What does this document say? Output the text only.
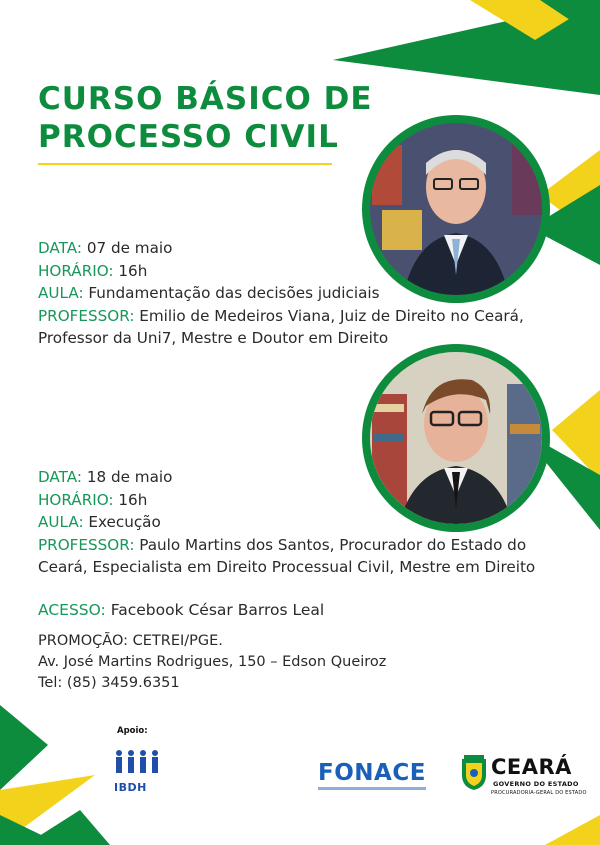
CURSO BÁSICO DE
PROCESSO CIVIL
DATA: 07 de maio
HORÁRIO: 16h
AULA: Fundamentação das decisões judiciais
PROFESSOR: Emilio de Medeiros Viana, Juiz de Direito no Ceará,
Professor da Uni7, Mestre e Doutor em Direito
DATA: 18 de maio
HORÁRIO: 16h
AULA: Execução
PROFESSOR: Paulo Martins dos Santos, Procurador do Estado do
Ceará, Especialista em Direito Processual Civil, Mestre em Direito
ACESSO: Facebook César Barros Leal
PROMOÇÃO: CETREI/PGE.
Av. José Martins Rodrigues, 150 – Edson Queiroz
Tel: (85) 3459.6351
Apoio:
IBDH
FONACE	CEARÁ
GOVERNO DO ESTADO
PROCURADORIA-GERAL DO ESTADO
